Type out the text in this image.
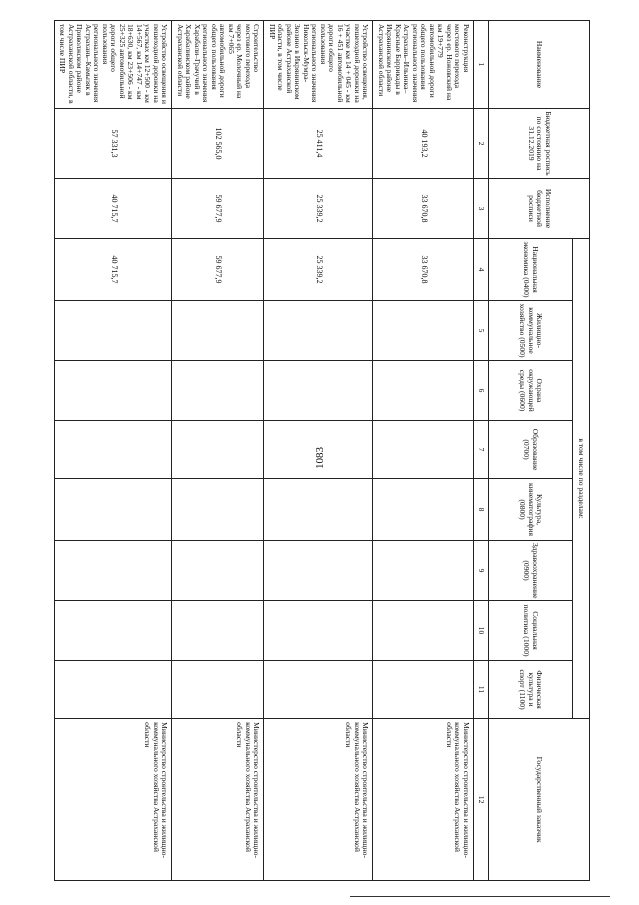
1083
Наименование	Бюджетная роспись по состоянию на 31.12.2019	Исполнение бюджетной росписи	в том числе по разделам:								Государственный заказчик
			Национальная экономика (0400)	Жилищно-коммунальное хозяйство (0500)	Охрана окружающей среды (0600)	Образование (0700)	Культура, кинематография (0800)	Здравоохранение (0900)	Социальная политика (1000)	Физическая культура и спорт (1100)	
1	2	3	4	5	6	7	8	9	10	11	12
Реконструкция мостового перехода через ер. Ножовский на км 19+779 автомобильной дороги общего пользования регионального значения Астрахань–Ильинка–Красные Баррикады в Икрянинском районе Астраханской области	40 193,2	33 670,8	33 670,8								Министерство строительства и жилищно-коммунального хозяйства Астраханской области
Устройство освещения, пешеходной дорожки на участке км 14 + 045 - км 16 + 451 автомобильной дороги общего пользования регионального значения Никольск-Мумра-Зюзино в Икрянинском районе Астраханской области, в том числе ПИР	25 411,4	25 339,2	25 339,2								Министерство строительства и жилищно-коммунального хозяйства Астраханской области
Строительство мостового перехода через ер. Молочный на км 7+065 автомобильной дороги общего пользования регионального значения Харабали–Грачучий в Харабалинском районе Астраханской области	102 565,0	59 677,9	59 677,9								Министерство строительства и жилищно-коммунального хозяйства Астраханской области
Устройство освещения и пешеходной дорожки на участках км 12+500 - км 14+567, км 14+747 - км 18+630, км 23+506 - км 25+325 автомобильной дороги общего пользования регионального значения Астрахань–Камызяк в Приволжском районе Астраханской области, в том числе ПИР	57 331,3	40 715,7	40 715,7								Министерство строительства и жилищно-коммунального хозяйства Астраханской области
